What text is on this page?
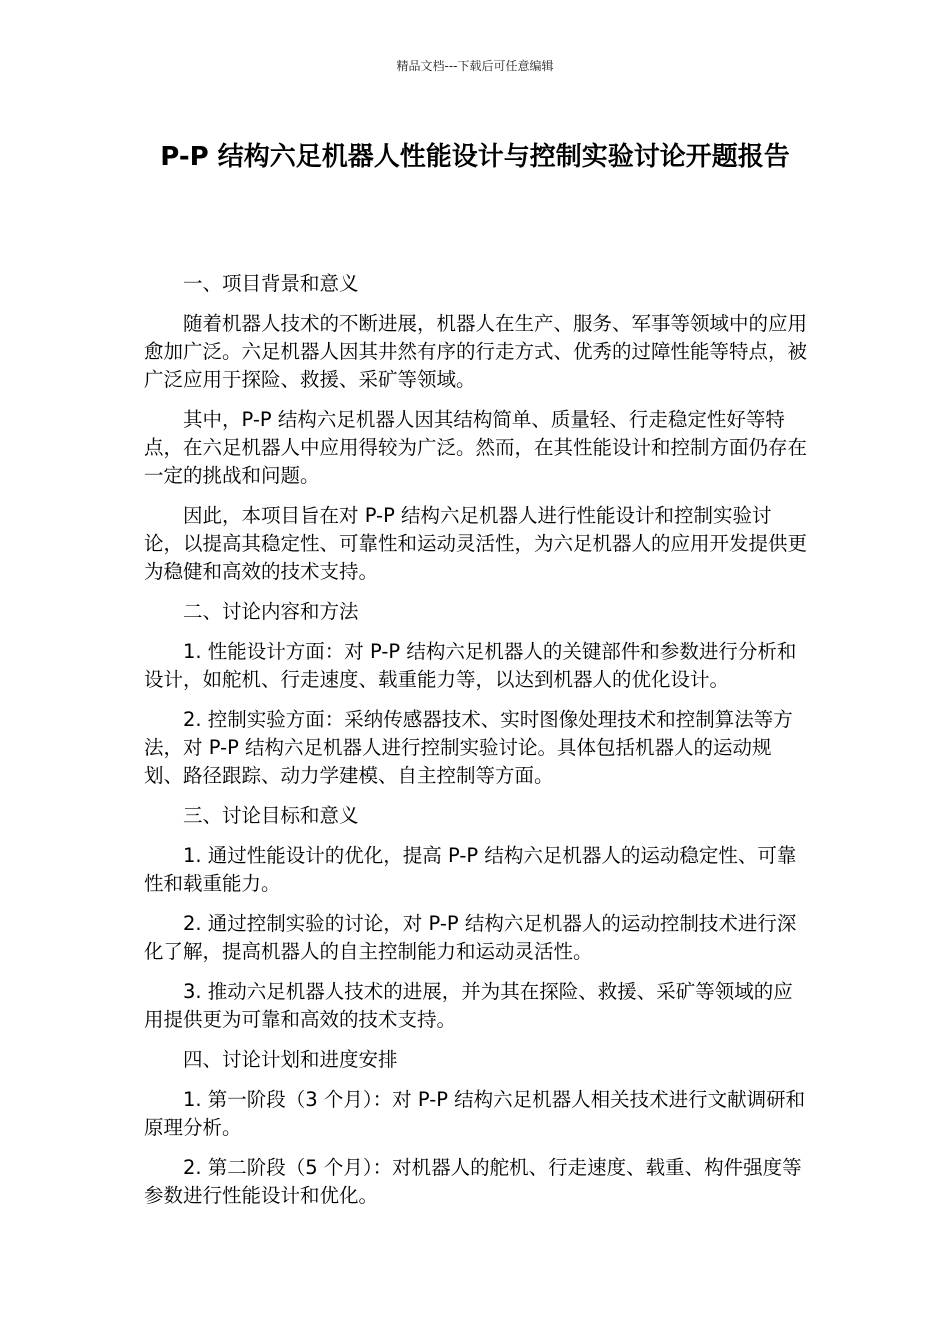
精品文档---下载后可任意编辑
P-P 结构六足机器人性能设计与控制实验讨论开题报告

一、项目背景和意义

随着机器人技术的不断进展，机器人在生产、服务、军事等领域中的应用愈加广泛。六足机器人因其井然有序的行走方式、优秀的过障性能等特点，被广泛应用于探险、救援、采矿等领域。

其中，P-P 结构六足机器人因其结构简单、质量轻、行走稳定性好等特点，在六足机器人中应用得较为广泛。然而，在其性能设计和控制方面仍存在一定的挑战和问题。

因此，本项目旨在对 P-P 结构六足机器人进行性能设计和控制实验讨论，以提高其稳定性、可靠性和运动灵活性，为六足机器人的应用开发提供更为稳健和高效的技术支持。

二、讨论内容和方法

1. 性能设计方面：对 P-P 结构六足机器人的关键部件和参数进行分析和设计，如舵机、行走速度、载重能力等，以达到机器人的优化设计。

2. 控制实验方面：采纳传感器技术、实时图像处理技术和控制算法等方法，对 P-P 结构六足机器人进行控制实验讨论。具体包括机器人的运动规划、路径跟踪、动力学建模、自主控制等方面。

三、讨论目标和意义

1. 通过性能设计的优化，提高 P-P 结构六足机器人的运动稳定性、可靠性和载重能力。

2. 通过控制实验的讨论，对 P-P 结构六足机器人的运动控制技术进行深化了解，提高机器人的自主控制能力和运动灵活性。

3. 推动六足机器人技术的进展，并为其在探险、救援、采矿等领域的应用提供更为可靠和高效的技术支持。

四、讨论计划和进度安排

1. 第一阶段（3 个月）：对 P-P 结构六足机器人相关技术进行文献调研和原理分析。

2. 第二阶段（5 个月）：对机器人的舵机、行走速度、载重、构件强度等参数进行性能设计和优化。
